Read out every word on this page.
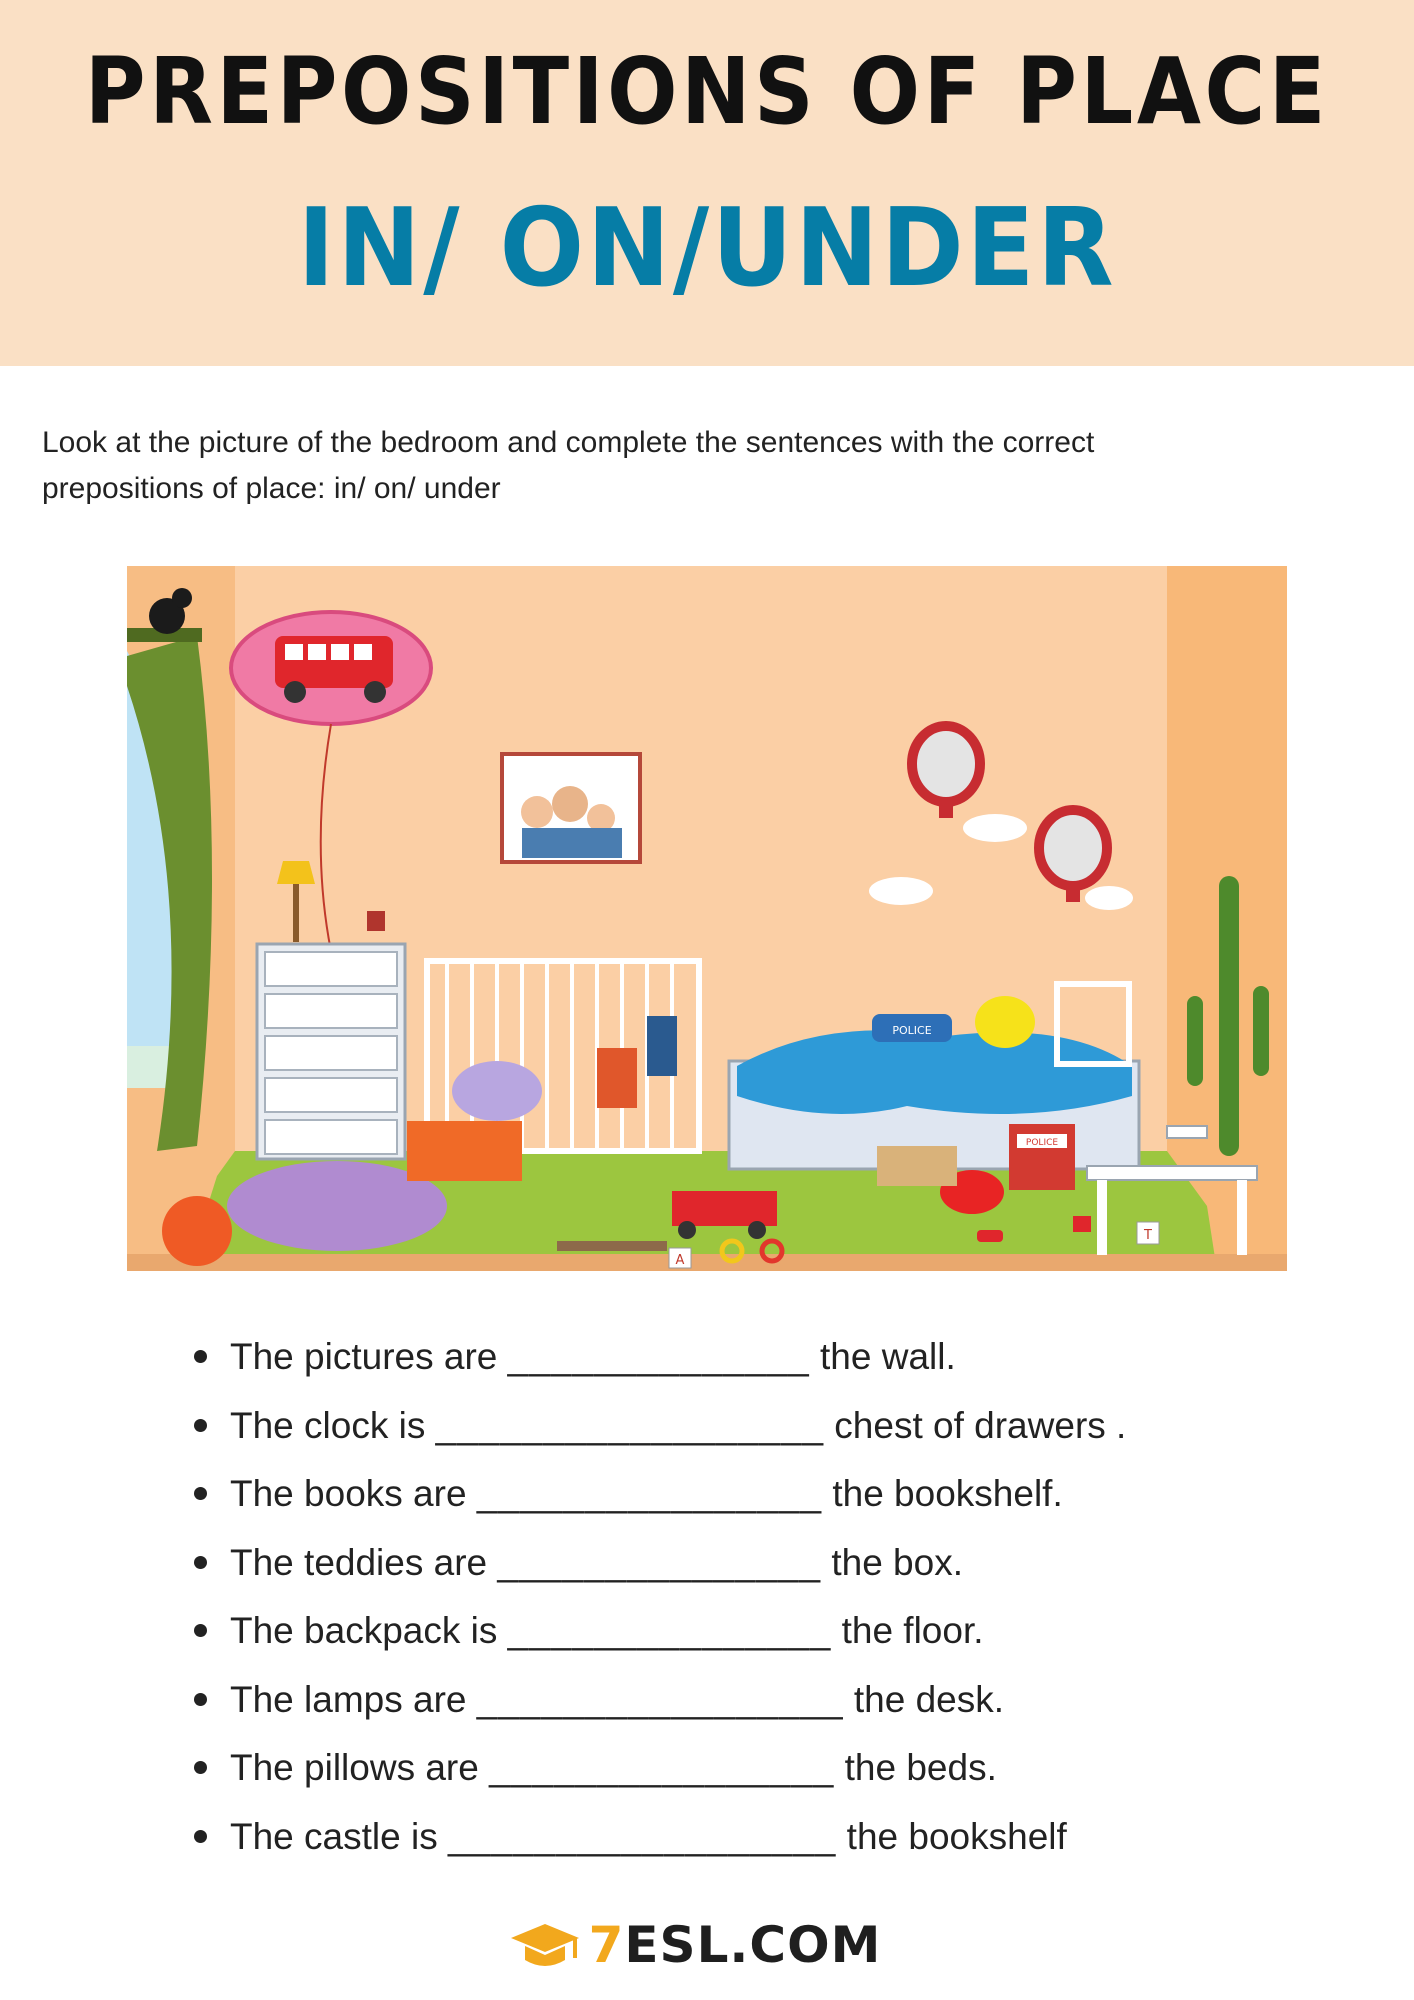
PREPOSITIONS OF PLACE
IN/ ON/UNDER
Look at the picture of the bedroom and complete the sentences with the correct
prepositions of place: in/ on/ under
POLICE
POLICE
A
T
The pictures are ______________ the wall.
The clock is __________________ chest of drawers .
The books are ________________ the bookshelf.
The teddies are _______________ the box.
The backpack is _______________ the floor.
The lamps are _________________ the desk.
The pillows are ________________ the beds.
The castle is __________________ the bookshelf
7ESL.COM
